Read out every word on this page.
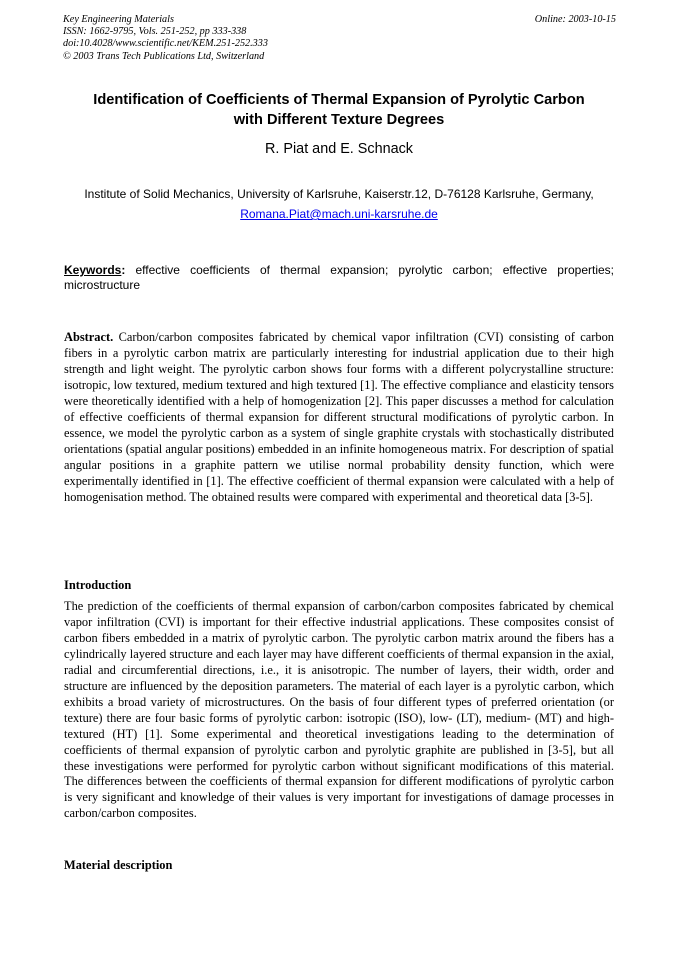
Key Engineering Materials
ISSN: 1662-9795, Vols. 251-252, pp 333-338
doi:10.4028/www.scientific.net/KEM.251-252.333
© 2003 Trans Tech Publications Ltd, Switzerland
Online: 2003-10-15
Identification of Coefficients of Thermal Expansion of Pyrolytic Carbon
with Different Texture Degrees
R. Piat and E. Schnack
Institute of Solid Mechanics, University of Karlsruhe, Kaiserstr.12, D-76128 Karlsruhe, Germany,
Romana.Piat@mach.uni-karsruhe.de
Keywords: effective coefficients of thermal expansion; pyrolytic carbon; effective properties; microstructure
Abstract. Carbon/carbon composites fabricated by chemical vapor infiltration (CVI) consisting of carbon fibers in a pyrolytic carbon matrix are particularly interesting for industrial application due to their high strength and light weight. The pyrolytic carbon shows four forms with a different polycrystalline structure: isotropic, low textured, medium textured and high textured [1]. The effective compliance and elasticity tensors were theoretically identified with a help of homogenization [2]. This paper discusses a method for calculation of effective coefficients of thermal expansion for different structural modifications of pyrolytic carbon. In essence, we model the pyrolytic carbon as a system of single graphite crystals with stochastically distributed orientations (spatial angular positions) embedded in an infinite homogeneous matrix. For description of spatial angular positions in a graphite pattern we utilise normal probability density function, which were experimentally identified in [1]. The effective coefficient of thermal expansion were calculated with a help of homogenisation method. The obtained results were compared with experimental and theoretical data [3-5].
Introduction
The prediction of the coefficients of thermal expansion of carbon/carbon composites fabricated by chemical vapor infiltration (CVI) is important for their effective industrial applications. These composites consist of carbon fibers embedded in a matrix of pyrolytic carbon. The pyrolytic carbon matrix around the fibers has a cylindrically layered structure and each layer may have different coefficients of thermal expansion in the axial, radial and circumferential directions, i.e., it is anisotropic. The number of layers, their width, order and structure are influenced by the deposition parameters. The material of each layer is a pyrolytic carbon, which exhibits a broad variety of microstructures. On the basis of four different types of preferred orientation (or texture) there are four basic forms of pyrolytic carbon: isotropic (ISO), low- (LT), medium- (MT) and high-textured (HT) [1]. Some experimental and theoretical investigations leading to the determination of coefficients of thermal expansion of pyrolytic carbon and pyrolytic graphite are published in [3-5], but all these investigations were performed for pyrolytic carbon without significant modifications of this material. The differences between the coefficients of thermal expansion for different modifications of pyrolytic carbon is very significant and knowledge of their values is very important for investigations of damage processes in carbon/carbon composites.
Material description
